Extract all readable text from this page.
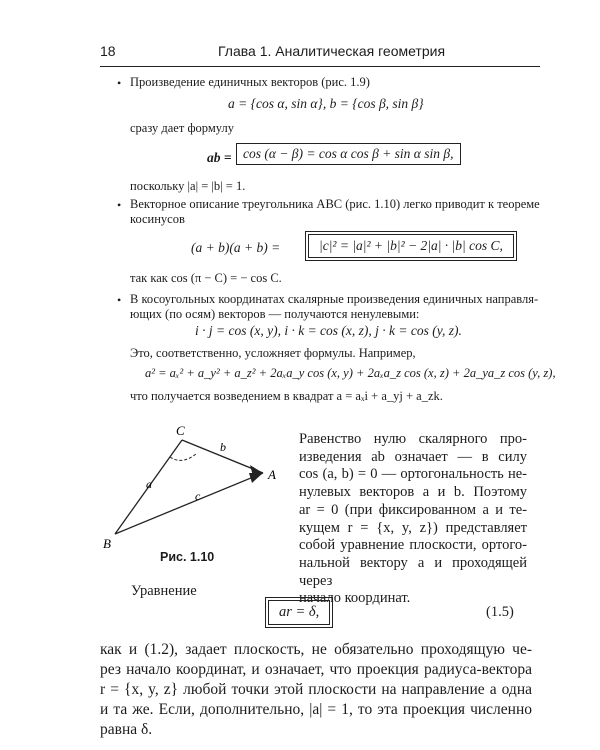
18	Глава 1. Аналитическая геометрия
• Произведение единичных векторов (рис. 1.9)
a = {cos α, sin α}, b = {cos β, sin β}
сразу дает формулу
ab = cos (α − β) = cos α cos β + sin α sin β,
поскольку |a| = |b| = 1.
• Векторное описание треугольника ABC (рис. 1.10) легко приводит к теореме
косинусов
(a + b)(a + b) =	|c|² = |a|² + |b|² − 2|a| · |b| cos C,
так как cos (π − C) = − cos C.
• В косоугольных координатах скалярные произведения единичных направля-
ющих (по осям) векторов — получаются ненулевыми:
i · j = cos (x, y), i · k = cos (x, z), j · k = cos (y, z).
Это, соответственно, усложняет формулы. Например,
a² = aₓ² + a_y² + a_z² + 2aₓa_y cos (x, y) + 2aₓa_z cos (x, z) + 2a_ya_z cos (y, z),
что получается возведением в квадрат a = aₓi + a_yj + a_zk.
C
A
B
a
b
c
Рис. 1.10
Равенство нулю скалярного про-
изведения ab означает — в силу
cos (a, b) = 0 — ортогональность не-
нулевых векторов a и b. Поэтому
ar = 0 (при фиксированном a и те-
кущем r = {x, y, z}) представляет
собой уравнение плоскости, ортого-
нальной вектору a и проходящей через
начало координат.
Уравнение
ar = δ,	(1.5)
как и (1.2), задает плоскость, не обязательно проходящую че-
рез начало координат, и означает, что проекция радиуса-вектора
r = {x, y, z} любой точки этой плоскости на направление a одна
и та же. Если, дополнительно, |a| = 1, то эта проекция численно
равна δ.
